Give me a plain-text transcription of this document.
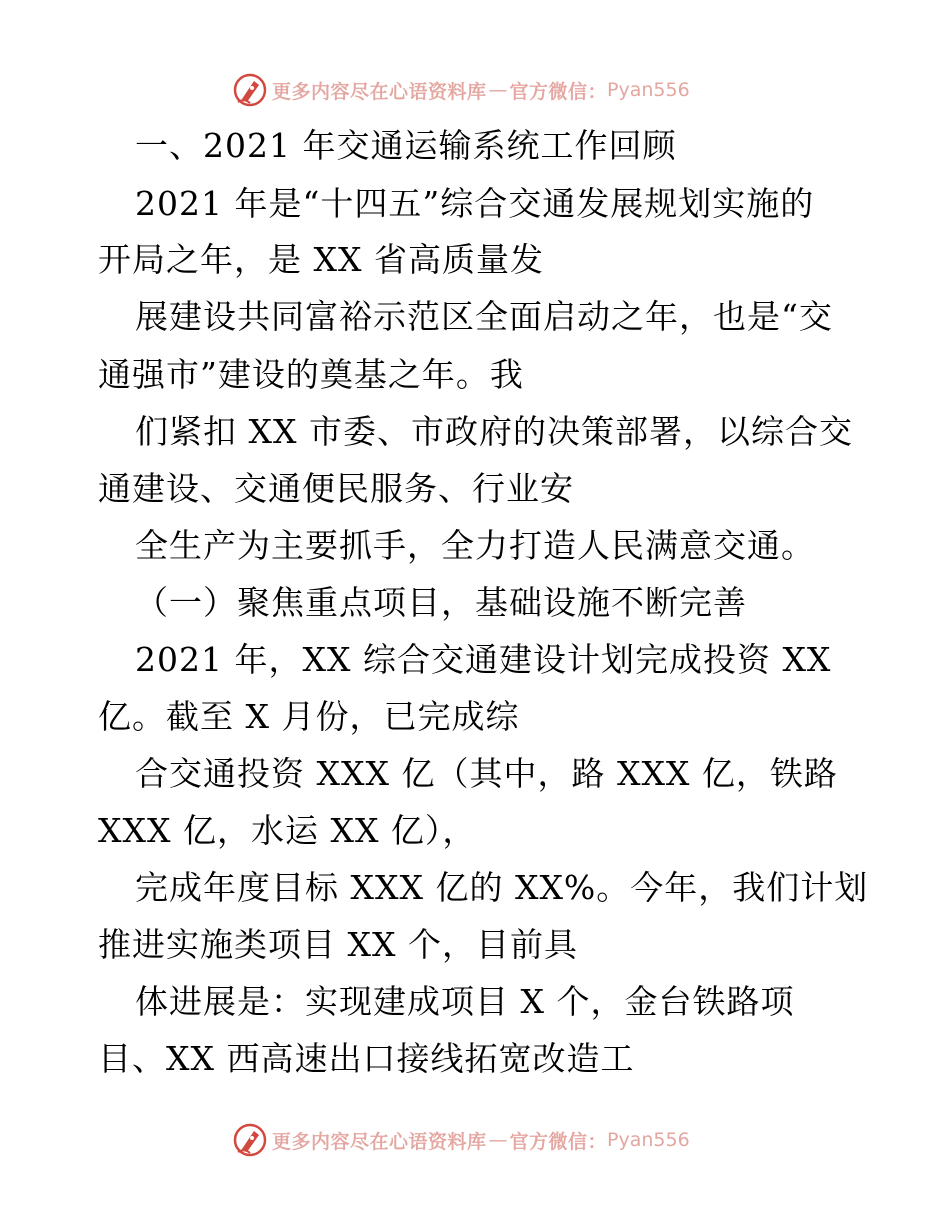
更多内容尽在心语资料库 — 官方微信： Pyan556
一、2021 年交通运输系统工作回顾
2021 年是“十四五”综合交通发展规划实施的
开局之年，是 XX 省高质量发
展建设共同富裕示范区全面启动之年，也是“交
通强市”建设的奠基之年。我
们紧扣 XX 市委、市政府的决策部署，以综合交
通建设、交通便民服务、行业安
全生产为主要抓手，全力打造人民满意交通。
（一）聚焦重点项目，基础设施不断完善
2021 年，XX 综合交通建设计划完成投资 XX
亿。截至 X 月份，已完成综
合交通投资 XXX 亿（其中，路 XXX 亿，铁路
XXX 亿，水运 XX 亿），
完成年度目标 XXX 亿的 XX%。今年，我们计划
推进实施类项目 XX 个，目前具
体进展是：实现建成项目 X 个，金台铁路项
目、XX 西高速出口接线拓宽改造工
更多内容尽在心语资料库 — 官方微信： Pyan556
